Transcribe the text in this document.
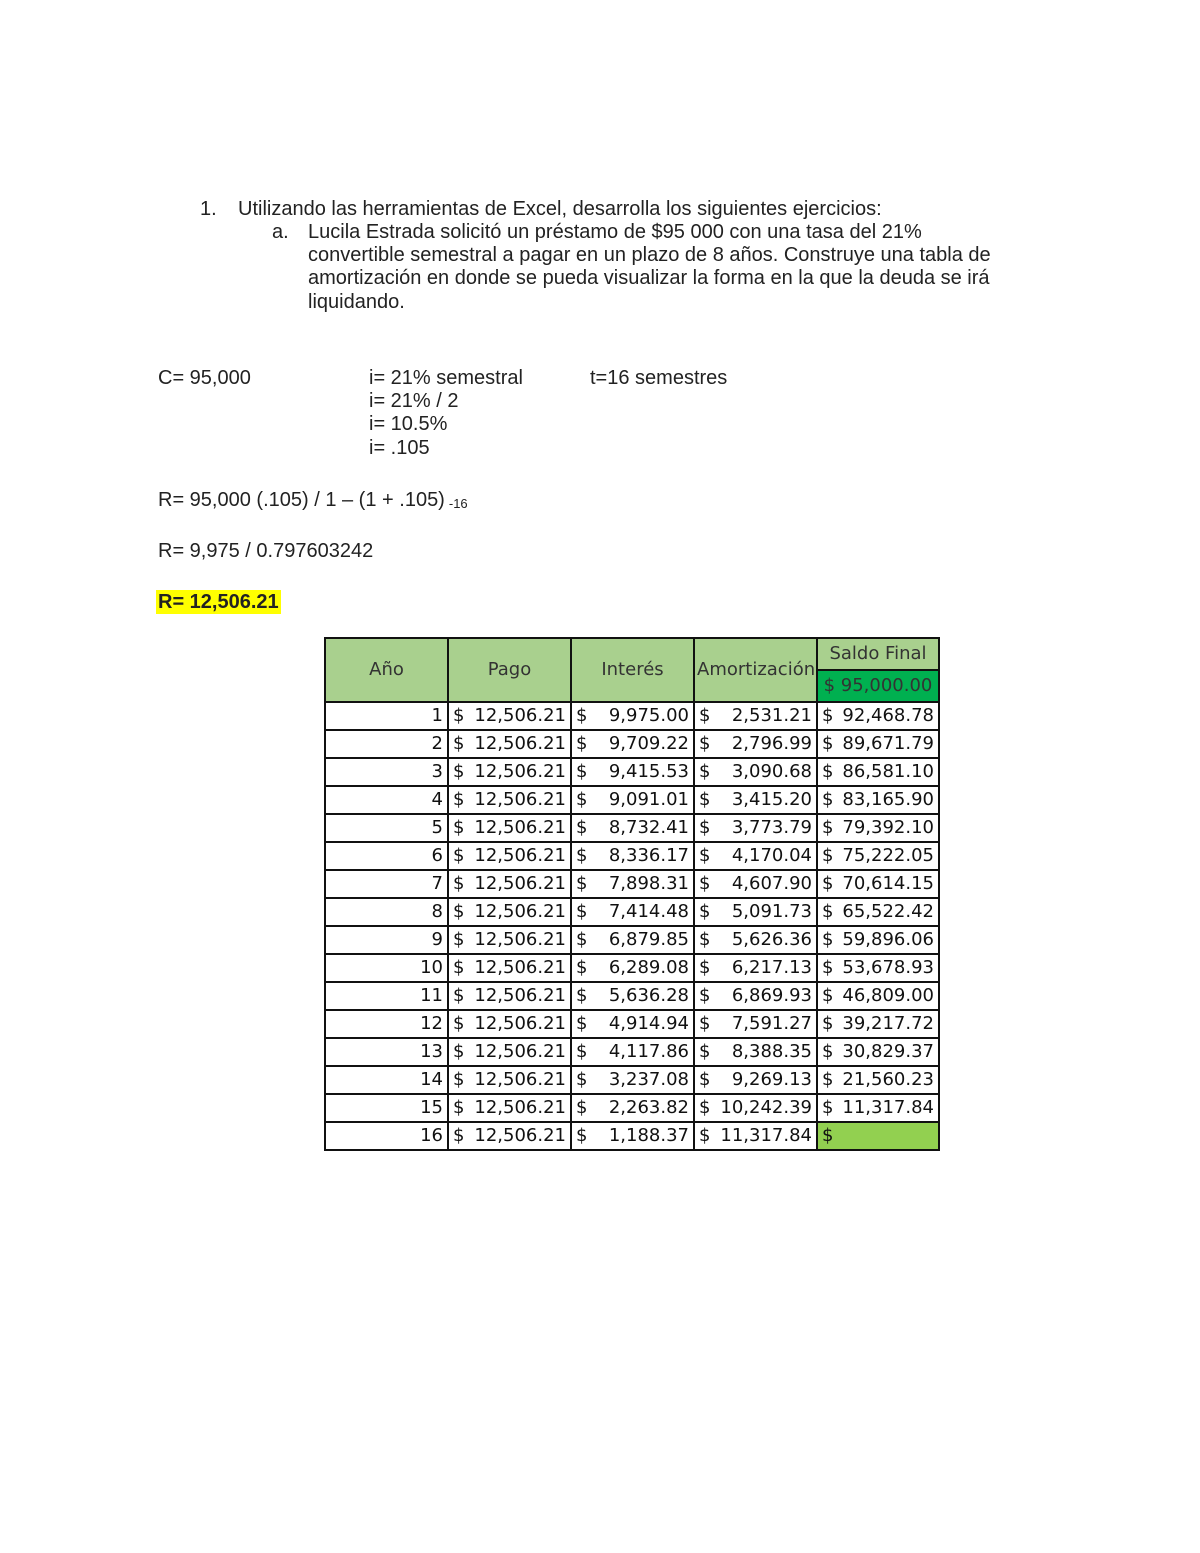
1. Utilizando las herramientas de Excel, desarrolla los siguientes ejercicios:
a. Lucila Estrada solicitó un préstamo de $95 000 con una tasa del 21%
convertible semestral a pagar en un plazo de 8 años. Construye una tabla de
amortización en donde se pueda visualizar la forma en la que la deuda se irá
liquidando.
C= 95,000	i= 21% semestral
i= 21% / 2
i= 10.5%
i= .105
t=16 semestres
R= 95,000 (.105) / 1 – (1 + .105) $_{-16}$
R= 9,975 / 0.797603242
R= 12,506.21
Año	Pago	Interés	Amortización	Saldo Final
				$ 95,000.00
1	$ 12,506.21	$ 9,975.00	$ 2,531.21	$ 92,468.78

2	$ 12,506.21	$ 9,709.22	$ 2,796.99	$ 89,671.79

3	$ 12,506.21	$ 9,415.53	$ 3,090.68	$ 86,581.10

4	$ 12,506.21	$ 9,091.01	$ 3,415.20	$ 83,165.90

5	$ 12,506.21	$ 8,732.41	$ 3,773.79	$ 79,392.10

6	$ 12,506.21	$ 8,336.17	$ 4,170.04	$ 75,222.05

7	$ 12,506.21	$ 7,898.31	$ 4,607.90	$ 70,614.15

8	$ 12,506.21	$ 7,414.48	$ 5,091.73	$ 65,522.42

9	$ 12,506.21	$ 6,879.85	$ 5,626.36	$ 59,896.06

10	$ 12,506.21	$ 6,289.08	$ 6,217.13	$ 53,678.93

11	$ 12,506.21	$ 5,636.28	$ 6,869.93	$ 46,809.00

12	$ 12,506.21	$ 4,914.94	$ 7,591.27	$ 39,217.72

13	$ 12,506.21	$ 4,117.86	$ 8,388.35	$ 30,829.37

14	$ 12,506.21	$ 3,237.08	$ 9,269.13	$ 21,560.23

15	$ 12,506.21	$ 2,263.82	$ 10,242.39	$ 11,317.84

16	$ 12,506.21	$ 1,188.37	$ 11,317.84	$
